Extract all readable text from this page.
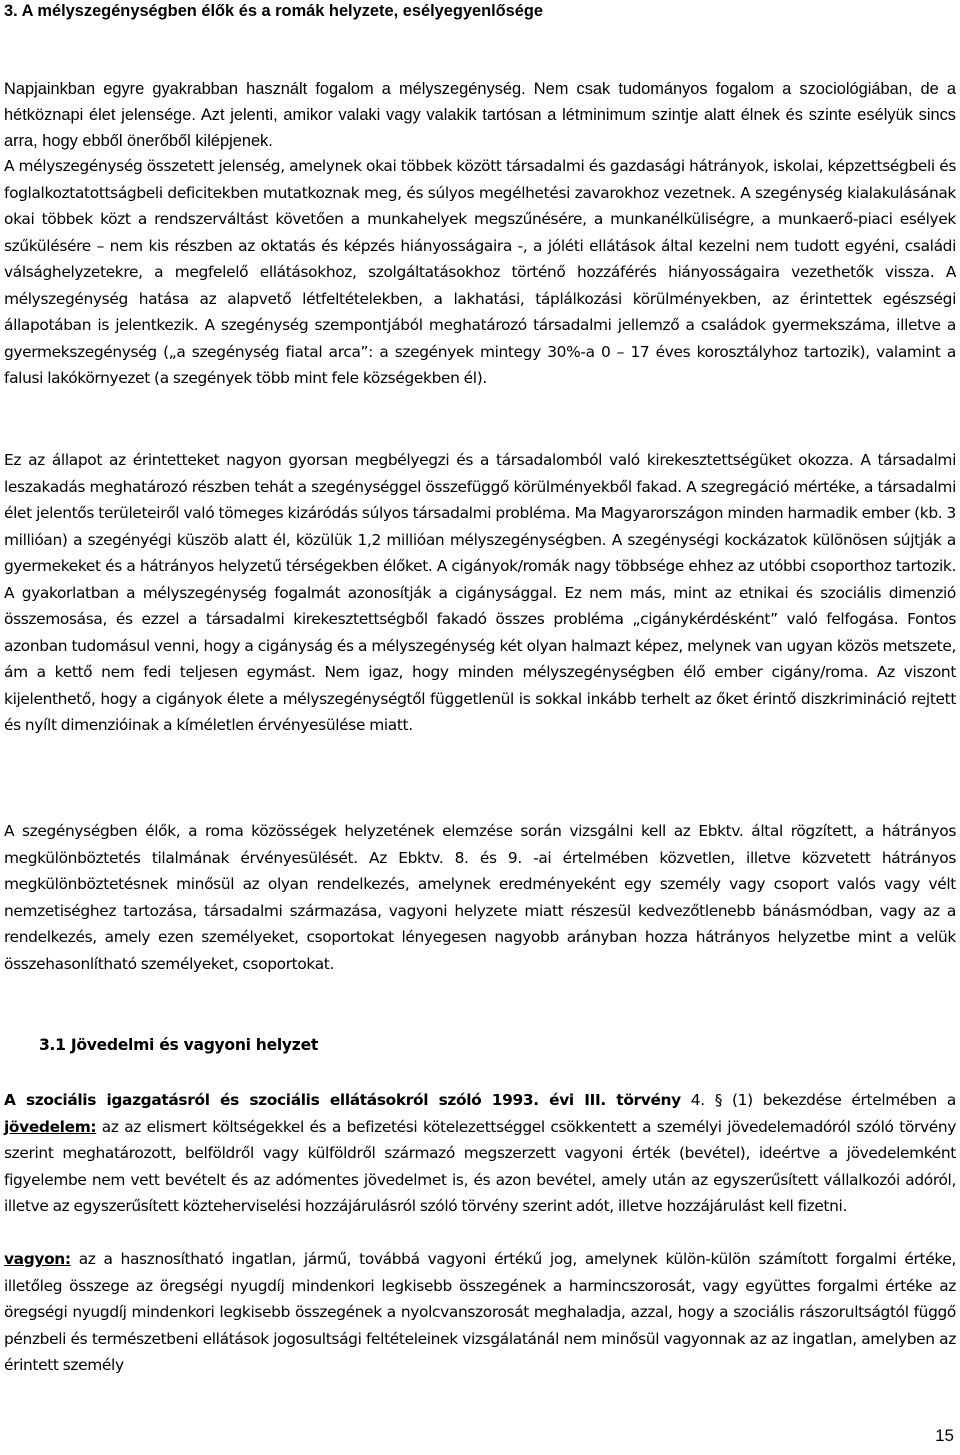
3. A mélyszegénységben élők és a romák helyzete, esélyegyenlősége

Napjainkban egyre gyakrabban használt fogalom a mélyszegénység. Nem csak tudományos fogalom a szociológiában, de a hétköznapi élet jelensége. Azt jelenti, amikor valaki vagy valakik tartósan a létminimum szintje alatt élnek és szinte esélyük sincs arra, hogy ebből önerőből kilépjenek.

A mélyszegénység összetett jelenség, amelynek okai többek között társadalmi és gazdasági hátrányok, iskolai, képzettségbeli és foglalkoztatottságbeli deficitekben mutatkoznak meg, és súlyos megélhetési zavarokhoz vezetnek. A szegénység kialakulásának okai többek közt a rendszerváltást követően a munkahelyek megszűnésére, a munkanélküliségre, a munkaerő-piaci esélyek szűkülésére – nem kis részben az oktatás és képzés hiányosságaira -, a jóléti ellátások által kezelni nem tudott egyéni, családi válsághelyzetekre, a megfelelő ellátásokhoz, szolgáltatásokhoz történő hozzáférés hiányosságaira vezethetők vissza. A mélyszegénység hatása az alapvető létfeltételekben, a lakhatási, táplálkozási körülményekben, az érintettek egészségi állapotában is jelentkezik. A szegénység szempontjából meghatározó társadalmi jellemző a családok gyermekszáma, illetve a gyermekszegénység („a szegénység fiatal arca”: a szegények mintegy 30%-a 0 – 17 éves korosztályhoz tartozik), valamint a falusi lakókörnyezet (a szegények több mint fele községekben él).

Ez az állapot az érintetteket nagyon gyorsan megbélyegzi és a társadalomból való kirekesztettségüket okozza. A társadalmi leszakadás meghatározó részben tehát a szegénységgel összefüggő körülményekből fakad. A szegregáció mértéke, a társadalmi élet jelentős területeiről való tömeges kizáródás súlyos társadalmi probléma. Ma Magyarországon minden harmadik ember (kb. 3 millióan) a szegényégi küszöb alatt él, közülük 1,2 millióan mélyszegénységben. A szegénységi kockázatok különösen sújtják a gyermekeket és a hátrányos helyzetű térségekben élőket. A cigányok/romák nagy többsége ehhez az utóbbi csoporthoz tartozik. A gyakorlatban a mélyszegénység fogalmát azonosítják a cigánysággal. Ez nem más, mint az etnikai és szociális dimenzió összemosása, és ezzel a társadalmi kirekesztettségből fakadó összes probléma „cigánykérdésként” való felfogása. Fontos azonban tudomásul venni, hogy a cigányság és a mélyszegénység két olyan halmazt képez, melynek van ugyan közös metszete, ám a kettő nem fedi teljesen egymást. Nem igaz, hogy minden mélyszegénységben élő ember cigány/roma. Az viszont kijelenthető, hogy a cigányok élete a mélyszegénységtől függetlenül is sokkal inkább terhelt az őket érintő diszkrimináció rejtett és nyílt dimenzióinak a kíméletlen érvényesülése miatt.

A szegénységben élők, a roma közösségek helyzetének elemzése során vizsgálni kell az Ebktv. által rögzített, a hátrányos megkülönböztetés tilalmának érvényesülését. Az Ebktv. 8. és 9. -ai értelmében közvetlen, illetve közvetett hátrányos megkülönböztetésnek minősül az olyan rendelkezés, amelynek eredményeként egy személy vagy csoport valós vagy vélt nemzetiséghez tartozása, társadalmi származása, vagyoni helyzete miatt részesül kedvezőtlenebb bánásmódban, vagy az a rendelkezés, amely ezen személyeket, csoportokat lényegesen nagyobb arányban hozza hátrányos helyzetbe mint a velük összehasonlítható személyeket, csoportokat.

3.1 Jövedelmi és vagyoni helyzet

A szociális igazgatásról és szociális ellátásokról szóló 1993. évi III. törvény 4. § (1) bekezdése értelmében a jövedelem: az az elismert költségekkel és a befizetési kötelezettséggel csökkentett a személyi jövedelemadóról szóló törvény szerint meghatározott, belföldről vagy külföldről származó megszerzett vagyoni érték (bevétel), ideértve a jövedelemként figyelembe nem vett bevételt és az adómentes jövedelmet is, és azon bevétel, amely után az egyszerűsített vállalkozói adóról, illetve az egyszerűsített közteherviselési hozzájárulásról szóló törvény szerint adót, illetve hozzájárulást kell fizetni.

vagyon: az a hasznosítható ingatlan, jármű, továbbá vagyoni értékű jog, amelynek külön-külön számított forgalmi értéke, illetőleg összege az öregségi nyugdíj mindenkori legkisebb összegének a harmincszorosát, vagy együttes forgalmi értéke az öregségi nyugdíj mindenkori legkisebb összegének a nyolcvanszorosát meghaladja, azzal, hogy a szociális rászorultságtól függő pénzbeli és természetbeni ellátások jogosultsági feltételeinek vizsgálatánál nem minősül vagyonnak az az ingatlan, amelyben az érintett személy

15
